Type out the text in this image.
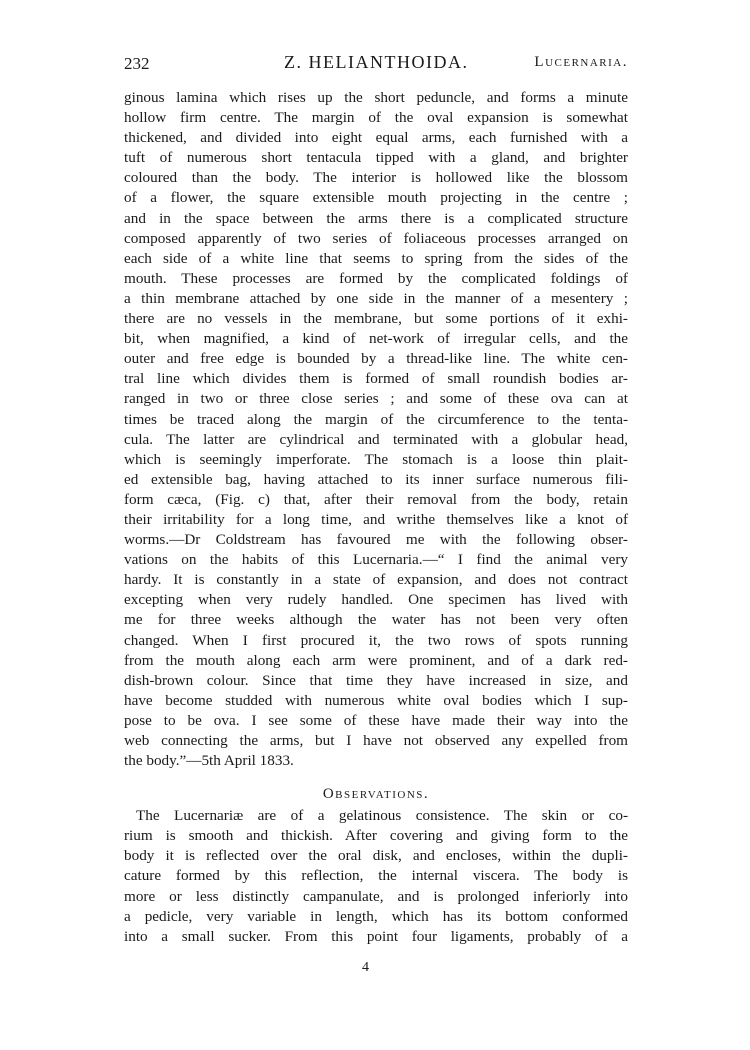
232	Z. HELIANTHOIDA.	Lucernaria.
ginous lamina which rises up the short peduncle, and forms a minute
hollow firm centre. The margin of the oval expansion is somewhat
thickened, and divided into eight equal arms, each furnished with a
tuft of numerous short tentacula tipped with a gland, and brighter
coloured than the body. The interior is hollowed like the blossom
of a flower, the square extensible mouth projecting in the centre ;
and in the space between the arms there is a complicated structure
composed apparently of two series of foliaceous processes arranged on
each side of a white line that seems to spring from the sides of the
mouth. These processes are formed by the complicated foldings of
a thin membrane attached by one side in the manner of a mesentery ;
there are no vessels in the membrane, but some portions of it exhi-
bit, when magnified, a kind of net-work of irregular cells, and the
outer and free edge is bounded by a thread-like line. The white cen-
tral line which divides them is formed of small roundish bodies ar-
ranged in two or three close series ; and some of these ova can at
times be traced along the margin of the circumference to the tenta-
cula. The latter are cylindrical and terminated with a globular head,
which is seemingly imperforate. The stomach is a loose thin plait-
ed extensible bag, having attached to its inner surface numerous fili-
form cæca, (Fig. c) that, after their removal from the body, retain
their irritability for a long time, and writhe themselves like a knot of
worms.—Dr Coldstream has favoured me with the following obser-
vations on the habits of this Lucernaria.—“ I find the animal very
hardy. It is constantly in a state of expansion, and does not contract
excepting when very rudely handled. One specimen has lived with
me for three weeks although the water has not been very often
changed. When I first procured it, the two rows of spots running
from the mouth along each arm were prominent, and of a dark red-
dish-brown colour. Since that time they have increased in size, and
have become studded with numerous white oval bodies which I sup-
pose to be ova. I see some of these have made their way into the
web connecting the arms, but I have not observed any expelled from
the body.”—5th April 1833.
Observations.
The Lucernariæ are of a gelatinous consistence. The skin or co-
rium is smooth and thickish. After covering and giving form to the
body it is reflected over the oral disk, and encloses, within the dupli-
cature formed by this reflection, the internal viscera. The body is
more or less distinctly campanulate, and is prolonged inferiorly into
a pedicle, very variable in length, which has its bottom conformed
into a small sucker. From this point four ligaments, probably of a
4
